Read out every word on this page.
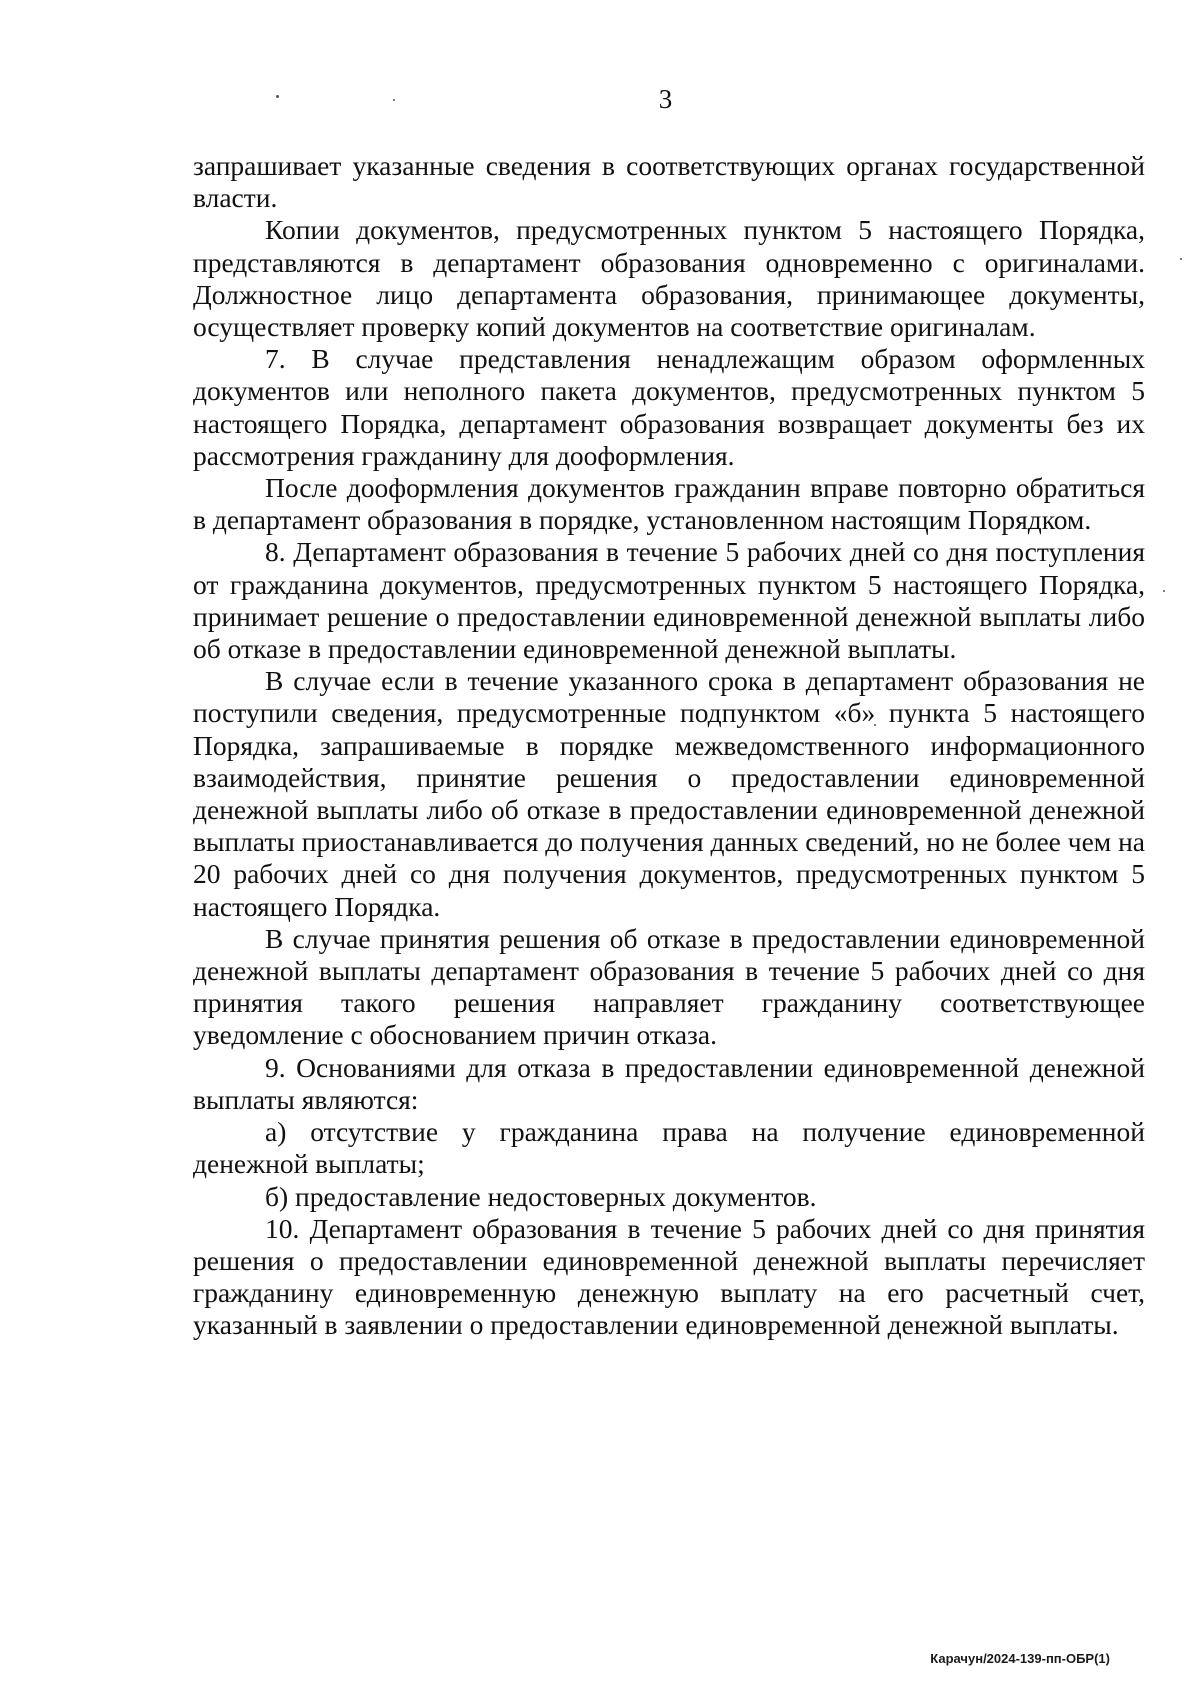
3

запрашивает указанные сведения в соответствующих органах государственной власти.

Копии документов, предусмотренных пунктом 5 настоящего Порядка, представляются в департамент образования одновременно с оригиналами. Должностное лицо департамента образования, принимающее документы, осуществляет проверку копий документов на соответствие оригиналам.

7. В случае представления ненадлежащим образом оформленных документов или неполного пакета документов, предусмотренных пунктом 5 настоящего Порядка, департамент образования возвращает документы без их рассмотрения гражданину для дооформления.

После дооформления документов гражданин вправе повторно обратиться в департамент образования в порядке, установленном настоящим Порядком.

8. Департамент образования в течение 5 рабочих дней со дня поступления от гражданина документов, предусмотренных пунктом 5 настоящего Порядка, принимает решение о предоставлении единовременной денежной выплаты либо об отказе в предоставлении единовременной денежной выплаты.

В случае если в течение указанного срока в департамент образования не поступили сведения, предусмотренные подпунктом «б» пункта 5 настоящего Порядка, запрашиваемые в порядке межведомственного информационного взаимодействия, принятие решения о предоставлении единовременной денежной выплаты либо об отказе в предоставлении единовременной денежной выплаты приостанавливается до получения данных сведений, но не более чем на 20 рабочих дней со дня получения документов, предусмотренных пунктом 5 настоящего Порядка.

В случае принятия решения об отказе в предоставлении единовременной денежной выплаты департамент образования в течение 5 рабочих дней со дня принятия такого решения направляет гражданину соответствующее уведомление с обоснованием причин отказа.

9. Основаниями для отказа в предоставлении единовременной денежной выплаты являются:

а) отсутствие у гражданина права на получение единовременной денежной выплаты;

б) предоставление недостоверных документов.

10. Департамент образования в течение 5 рабочих дней со дня принятия решения о предоставлении единовременной денежной выплаты перечисляет гражданину единовременную денежную выплату на его расчетный счет, указанный в заявлении о предоставлении единовременной денежной выплаты.

Карачун/2024-139-пп-ОБР(1)
